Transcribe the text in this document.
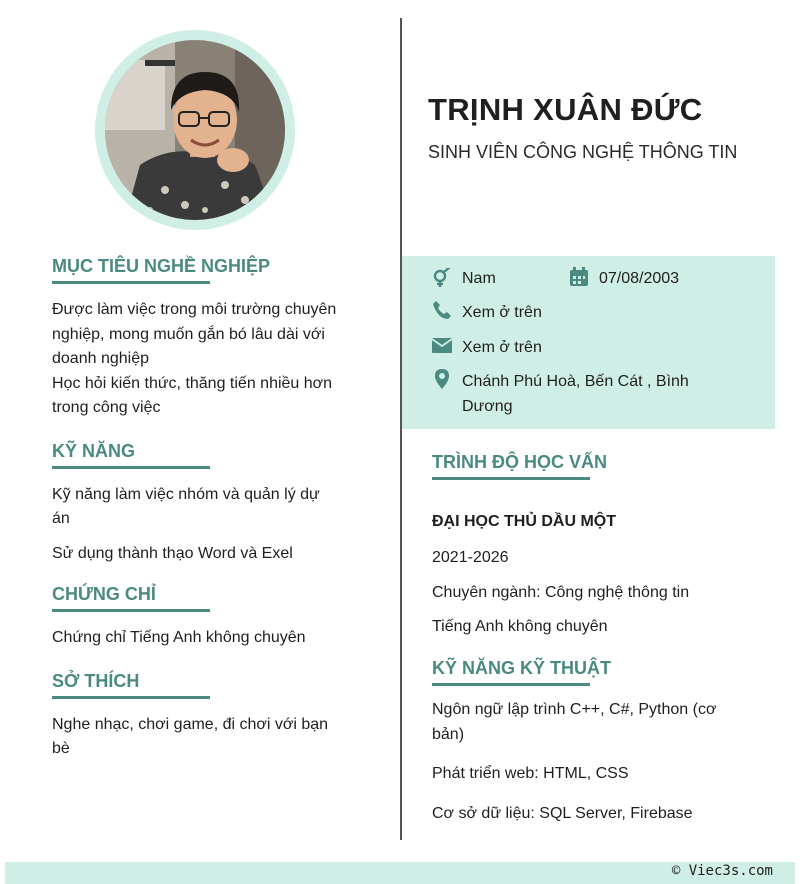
MỤC TIÊU NGHỀ NGHIỆP

Được làm việc trong môi trường chuyên

nghiệp, mong muốn gắn bó lâu dài với

doanh nghiệp

Học hỏi kiến thức, thăng tiến nhiều hơn

trong công việc

KỸ NĂNG

Kỹ năng làm việc nhóm và quản lý dự

án

Sử dụng thành thạo Word và Exel

CHỨNG CHỈ

Chứng chỉ Tiếng Anh không chuyên

SỞ THÍCH

Nghe nhạc, chơi game, đi chơi với bạn

bè

TRỊNH XUÂN ĐỨC

SINH VIÊN CÔNG NGHỆ THÔNG TIN

Nam	07/08/2003
Xem ở trên
Xem ở trên
Chánh Phú Hoà, Bến Cát , Bình
Dương
TRÌNH ĐỘ HỌC VẤN

ĐẠI HỌC THỦ DẦU MỘT

2021-2026

Chuyên ngành: Công nghệ thông tin

Tiếng Anh không chuyên

KỸ NĂNG KỸ THUẬT

Ngôn ngữ lập trình C++, C#, Python (cơ

bản)

Phát triển web: HTML, CSS

Cơ sở dữ liệu: SQL Server, Firebase

© Viec3s.com
